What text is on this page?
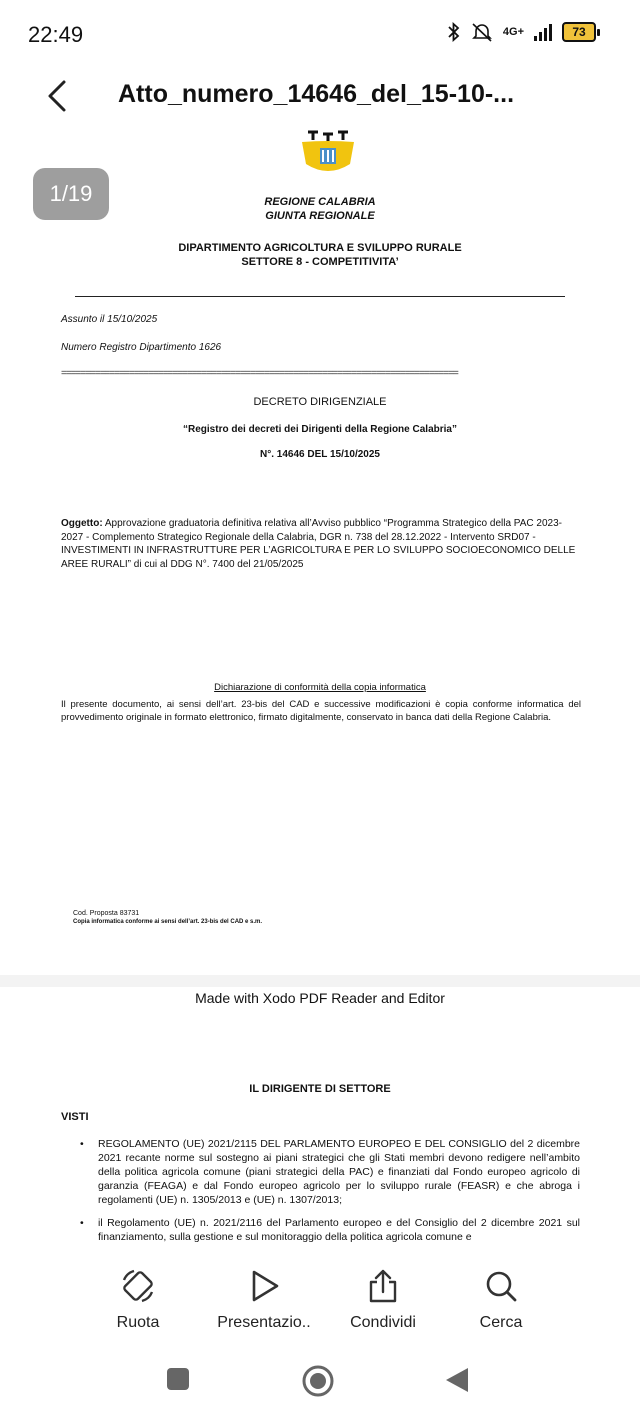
22:49	4G+	73
Atto_numero_14646_del_15-10-...
1/19	REGIONE CALABRIA
GIUNTA REGIONALE
DIPARTIMENTO AGRICOLTURA E SVILUPPO RURALE
SETTORE 8 - COMPETITIVITA’
Assunto il 15/10/2025
Numero Registro Dipartimento 1626
==================================================================================
DECRETO DIRIGENZIALE
“Registro dei decreti dei Dirigenti della Regione Calabria”
N°. 14646 DEL 15/10/2025
Oggetto: Approvazione graduatoria definitiva relativa all’Avviso pubblico “Programma Strategico della PAC 2023-2027 - Complemento Strategico Regionale della Calabria, DGR n. 738 del 28.12.2022 - Intervento SRD07 - INVESTIMENTI IN INFRASTRUTTURE PER L’AGRICOLTURA E PER LO SVILUPPO SOCIOECONOMICO DELLE AREE RURALI” di cui al DDG N°. 7400 del 21/05/2025
Dichiarazione di conformità della copia informatica
Il presente documento, ai sensi dell’art. 23-bis del CAD e successive modificazioni è copia conforme informatica del provvedimento originale in formato elettronico, firmato digitalmente, conservato in banca dati della Regione Calabria.
Cod. Proposta 83731
Copia informatica conforme ai sensi dell’art. 23-bis del CAD e s.m.
Made with Xodo PDF Reader and Editor
IL DIRIGENTE DI SETTORE
VISTI
•	REGOLAMENTO (UE) 2021/2115 DEL PARLAMENTO EUROPEO E DEL CONSIGLIO del 2 dicembre 2021 recante norme sul sostegno ai piani strategici che gli Stati membri devono redigere nell’ambito della politica agricola comune (piani strategici della PAC) e finanziati dal Fondo europeo agricolo di garanzia (FEAGA) e dal Fondo europeo agricolo per lo sviluppo rurale (FEASR) e che abroga i regolamenti (UE) n. 1305/2013 e (UE) n. 1307/2013;
•	il Regolamento (UE) n. 2021/2116 del Parlamento europeo e del Consiglio del 2 dicembre 2021 sul finanziamento, sulla gestione e sul monitoraggio della politica agricola comune e
Ruota	Presentazio..	Condividi	Cerca
